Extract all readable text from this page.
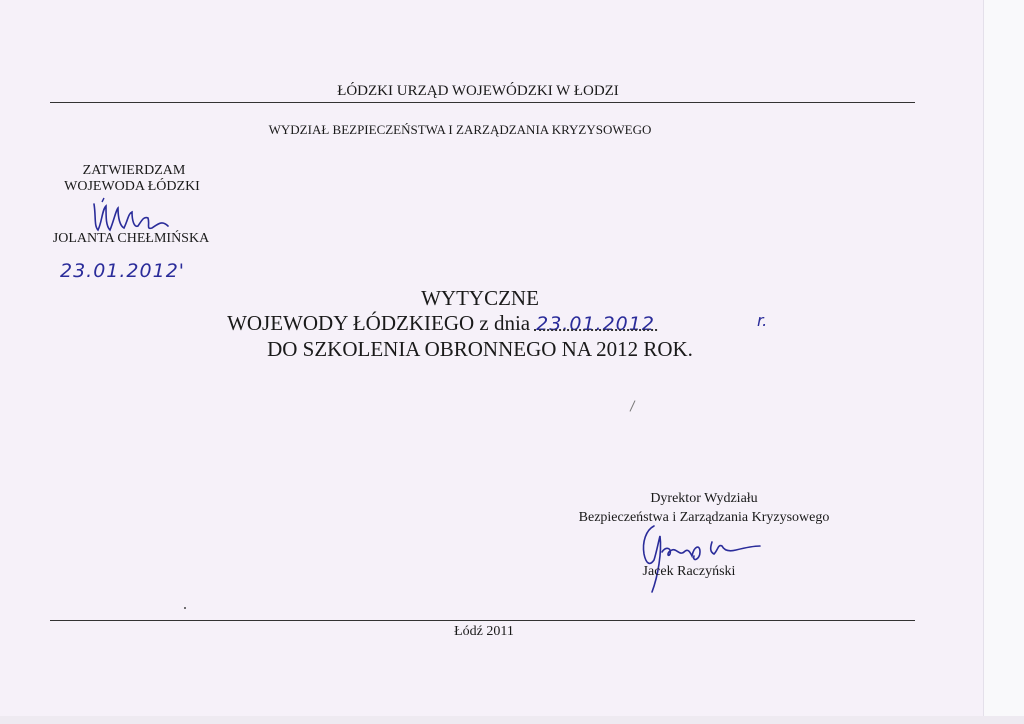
ŁÓDZKI URZĄD WOJEWÓDZKI W ŁODZI
WYDZIAŁ BEZPIECZEŃSTWA I ZARZĄDZANIA KRYZYSOWEGO
ZATWIERDZAM
WOJEWODA ŁÓDZKI
JOLANTA CHEŁMIŃSKA
23.01.2012'
WYTYCZNE
WOJEWODY ŁÓDZKIEGO z dnia 23.01.2012	r.
DO SZKOLENIA OBRONNEGO NA 2012 ROK.
Dyrektor Wydziału
Bezpieczeństwa i Zarządzania Kryzysowego
Jacek Raczyński
Łódź 2011
